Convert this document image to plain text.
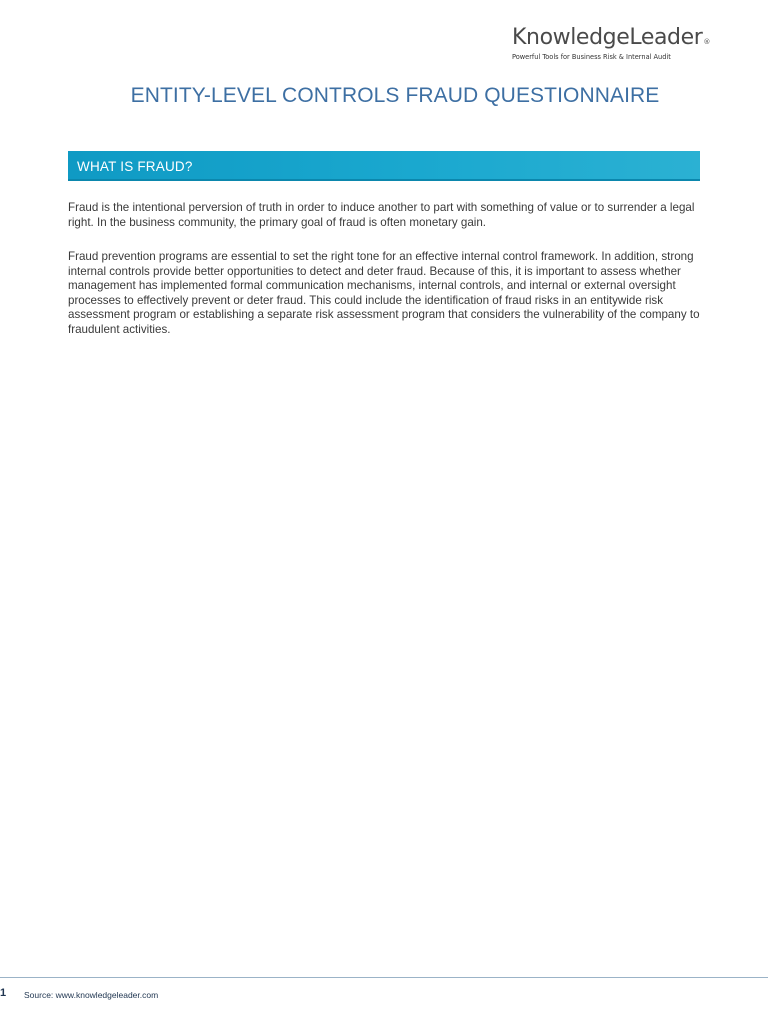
KnowledgeLeader®
Powerful Tools for Business Risk & Internal Audit
ENTITY-LEVEL CONTROLS FRAUD QUESTIONNAIRE
WHAT IS FRAUD?

Fraud is the intentional perversion of truth in order to induce another to part with something of value or to surrender a legal right. In the business community, the primary goal of fraud is often monetary gain.

Fraud prevention programs are essential to set the right tone for an effective internal control framework. In addition, strong internal controls provide better opportunities to detect and deter fraud. Because of this, it is important to assess whether management has implemented formal communication mechanisms, internal controls, and internal or external oversight processes to effectively prevent or deter fraud. This could include the identification of fraud risks in an entitywide risk assessment program or establishing a separate risk assessment program that considers the vulnerability of the company to fraudulent activities.

1 Source: www.knowledgeleader.com
